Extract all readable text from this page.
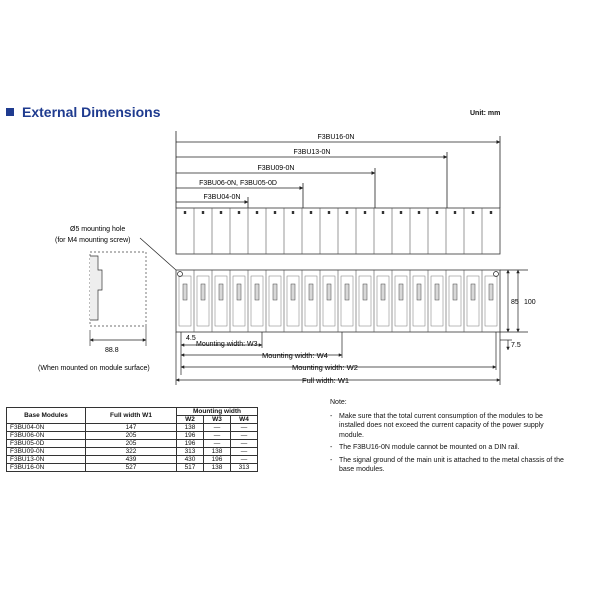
External Dimensions	Unit: mm
F3BU16-0N
F3BU13-0N
F3BU09-0N
F3BU06-0N, F3BU05-0D
F3BU04-0N
Ø5 mounting hole
(for M4 mounting screw)
88.8
(When mounted on module surface)
85 100
7.5
4.5
Mounting width: W3
Mounting width: W4
Mounting width: W2
Full width: W1
Base Modules	Full width W1	Mounting width		
		W2	W3	W4
F3BU04-0N	147	138	—	—
F3BU06-0N	205	196	—	—
F3BU05-0D	205	196	—	—
F3BU09-0N	322	313	138	—
F3BU13-0N	439	430	196	—
F3BU16-0N	527	517	138	313
Note:
- Make sure that the total current consumption of the modules to be installed does not exceed the current capacity of the power supply module.
- The F3BU16-0N module cannot be mounted on a DIN rail.
- The signal ground of the main unit is attached to the metal chassis of the base modules.
